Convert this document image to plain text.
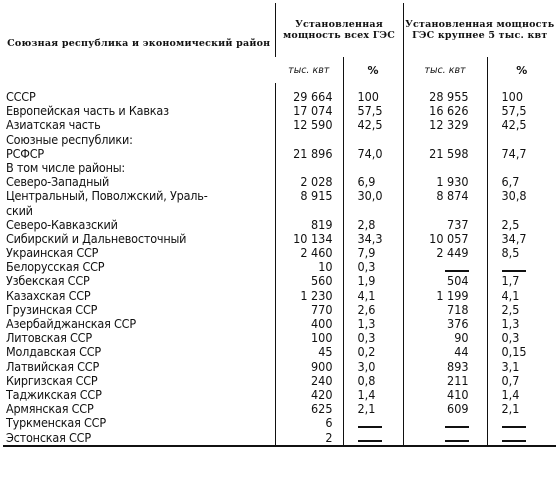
Союзная республика и экономический район	Установленная мощность всех ГЭС		Установленная мощность ГЭС крупнее 5 тыс. квт	
	тыс. квт	%	тыс. квт	%

СССР	29 664	100	28 955	100
Европейская часть и Кавказ	17 074	57,5	16 626	57,5
Азиатская часть	12 590	42,5	12 329	42,5
Союзные республики:				
РСФСР	21 896	74,0	21 598	74,7
В том числе районы:				
Северо-Западный	2 028	6,9	1 930	6,7
Центральный, Поволжский, Ураль-	8 915	30,0	8 874	30,8
ский				
Северо-Кавказский	819	2,8	737	2,5
Сибирский и Дальневосточный	10 134	34,3	10 057	34,7
Украинская ССР	2 460	7,9	2 449	8,5
Белорусская ССР	10	0,3		
Узбекская ССР	560	1,9	504	1,7
Казахская ССР	1 230	4,1	1 199	4,1
Грузинская ССР	770	2,6	718	2,5
Азербайджанская ССР	400	1,3	376	1,3
Литовская ССР	100	0,3	90	0,3
Молдавская ССР	45	0,2	44	0,15
Латвийская ССР	900	3,0	893	3,1
Киргизская ССР	240	0,8	211	0,7
Таджикская ССР	420	1,4	410	1,4
Армянская ССР	625	2,1	609	2,1
Туркменская ССР	6			
Эстонская ССР	2			
